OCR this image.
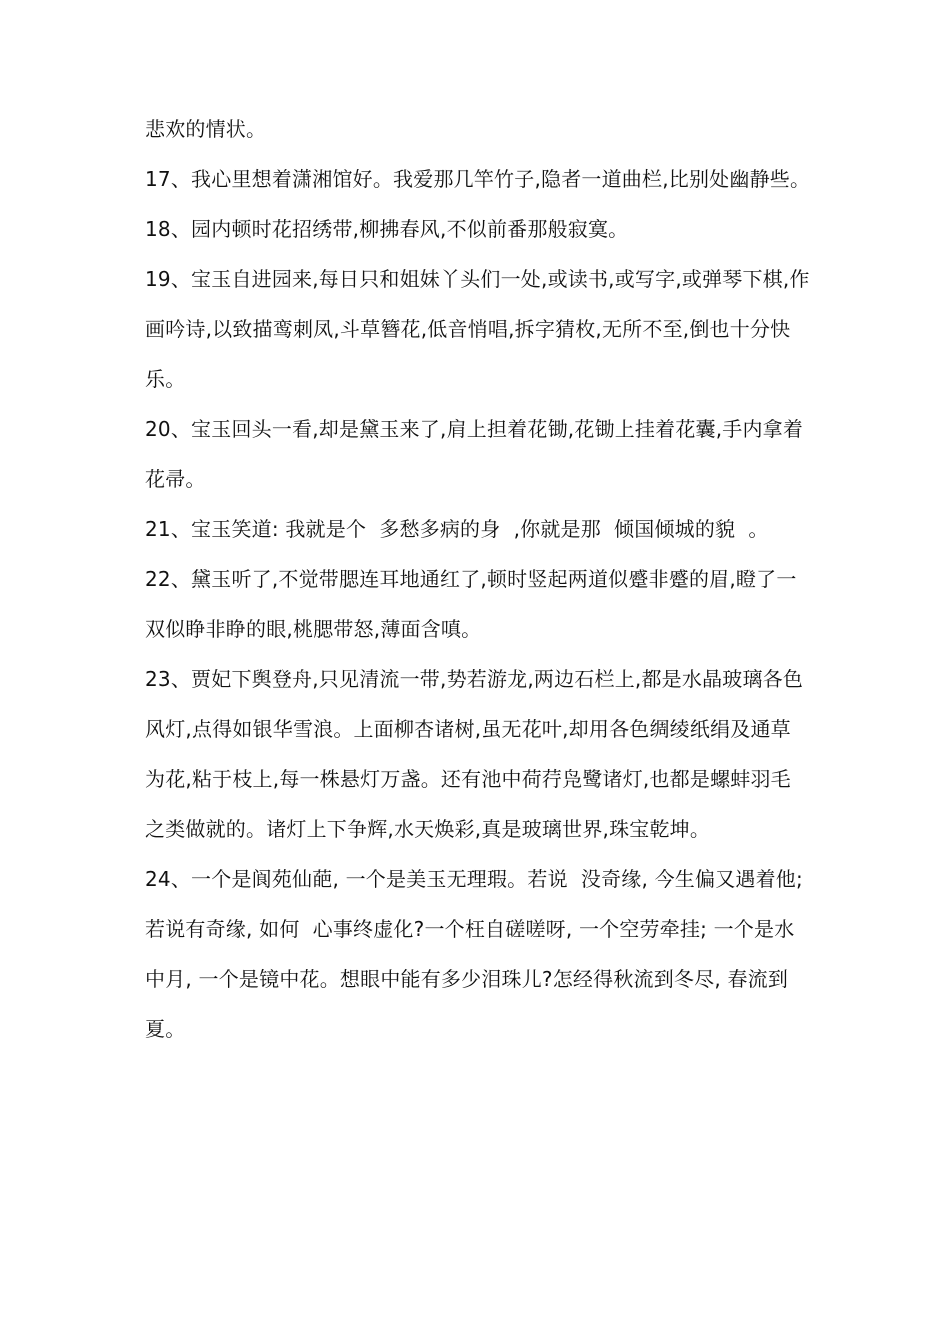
悲欢的情状。

17、我心里想着潇湘馆好。我爱那几竿竹子,隐者一道曲栏,比别处幽静些。

18、园内顿时花招绣带,柳拂春风,不似前番那般寂寞。

19、宝玉自进园来,每日只和姐妹丫头们一处,或读书,或写字,或弹琴下棋,作画吟诗,以致描鸾刺凤,斗草簪花,低音悄唱,拆字猜枚,无所不至,倒也十分快乐。

20、宝玉回头一看,却是黛玉来了,肩上担着花锄,花锄上挂着花囊,手内拿着花帚。

21、宝玉笑道: 我就是个  多愁多病的身  ,你就是那  倾国倾城的貌  。

22、黛玉听了,不觉带腮连耳地通红了,顿时竖起两道似蹙非蹙的眉,瞪了一双似睁非睁的眼,桃腮带怒,薄面含嗔。

23、贾妃下舆登舟,只见清流一带,势若游龙,两边石栏上,都是水晶玻璃各色风灯,点得如银华雪浪。上面柳杏诸树,虽无花叶,却用各色绸绫纸绢及通草为花,粘于枝上,每一株悬灯万盏。还有池中荷荇凫鹭诸灯,也都是螺蚌羽毛之类做就的。诸灯上下争辉,水天焕彩,真是玻璃世界,珠宝乾坤。

24、一个是阆苑仙葩, 一个是美玉无理瑕。若说  没奇缘, 今生偏又遇着他;若说有奇缘, 如何  心事终虚化?一个枉自磋嗟呀, 一个空劳牵挂; 一个是水中月, 一个是镜中花。想眼中能有多少泪珠儿?怎经得秋流到冬尽, 春流到夏。
